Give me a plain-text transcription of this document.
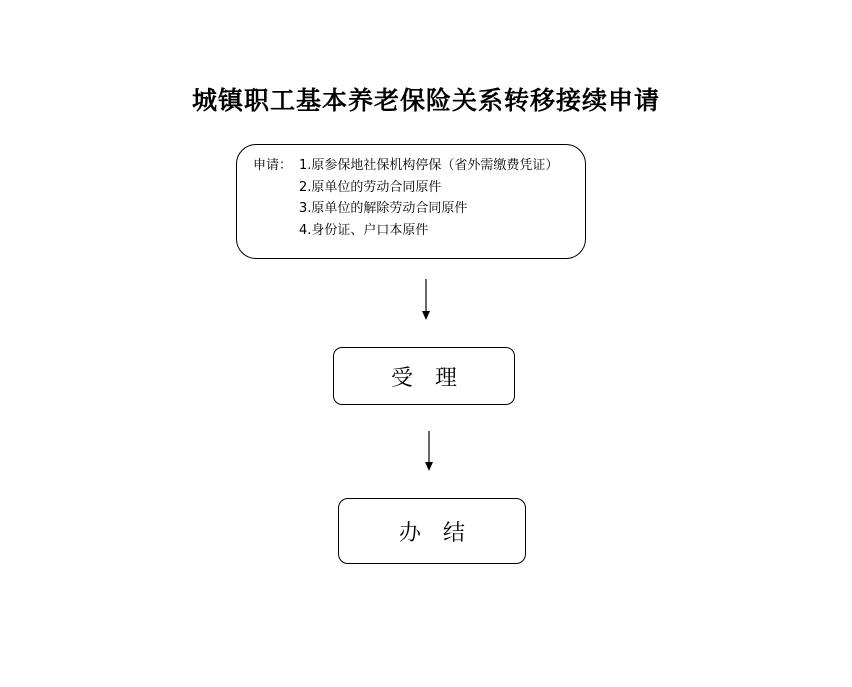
城镇职工基本养老保险关系转移接续申请
申请： 1.原参保地社保机构停保（省外需缴费凭证）
2.原单位的劳动合同原件
3.原单位的解除劳动合同原件
4.身份证、户口本原件
受　理
办　结
